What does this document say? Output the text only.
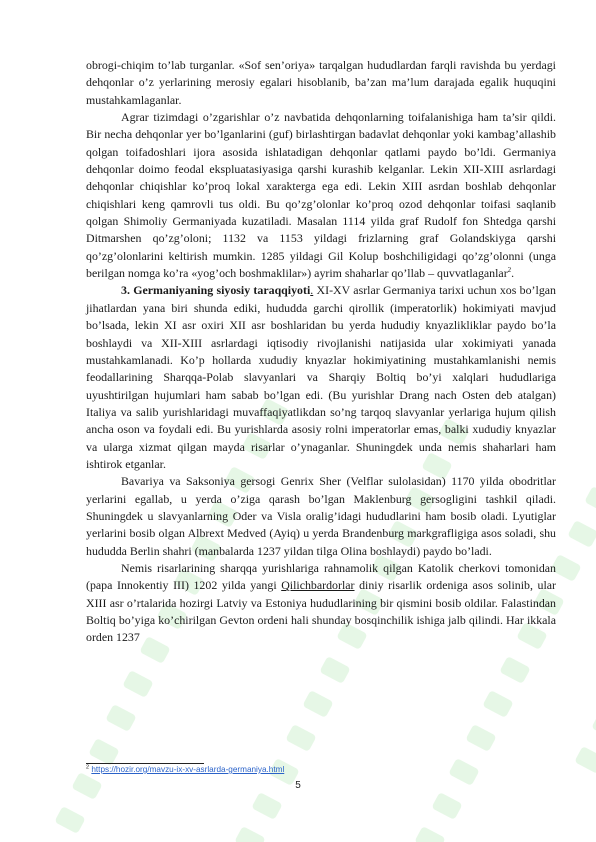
obrogi-chiqim to’lab turganlar. «Sof sen’oriya» tarqalgan hududlardan farqli ravishda bu yerdagi dehqonlar o’z yerlarining merosiy egalari hisoblanib, ba’zan ma’lum darajada egalik huquqini mustahkamlaganlar.

Agrar tizimdagi o’zgarishlar o’z navbatida dehqonlarning toifalanishiga ham ta’sir qildi. Bir necha dehqonlar yer bo’lganlarini (guf) birlashtirgan badavlat dehqonlar yoki kambag’allashib qolgan toifadoshlari ijora asosida ishlatadigan dehqonlar qatlami paydo bo’ldi. Germaniya dehqonlar doimo feodal ekspluatasiyasiga qarshi kurashib kelganlar. Lekin XII-XIII asrlardagi dehqonlar chiqishlar ko’proq lokal xarakterga ega edi. Lekin XIII asrdan boshlab dehqonlar chiqishlari keng qamrovli tus oldi. Bu qo’zg’olonlar ko’proq ozod dehqonlar toifasi saqlanib qolgan Shimoliy Germaniyada kuzatiladi. Masalan 1114 yilda graf Rudolf fon Shtedga qarshi Ditmarshen qo’zg’oloni; 1132 va 1153 yildagi frizlarning graf Golandskiyga qarshi qo’zg’olonlarini keltirish mumkin. 1285 yildagi Gil Kolup boshchiligidagi qo’zg’olonni (unga berilgan nomga ko’ra «yog’och boshmaklilar») ayrim shaharlar qo’llab – quvvatlaganlar$^2$.

3. Germaniyaning siyosiy taraqqiyoti. XI-XV asrlar Germaniya tarixi uchun xos bo’lgan jihatlardan yana biri shunda ediki, hududda garchi qirollik (imperatorlik) hokimiyati mavjud bo’lsada, lekin XI asr oxiri XII asr boshlaridan bu yerda hududiy knyazlikliklar paydo bo’la boshlaydi va XII-XIII asrlardagi iqtisodiy rivojlanishi natijasida ular xokimiyati yanada mustahkamlanadi. Ko’p hollarda xududiy knyazlar hokimiyatining mustahkamlanishi nemis feodallarining Sharqqa-Polab slavyanlari va Sharqiy Boltiq bo’yi xalqlari hududlariga uyushtirilgan hujumlari ham sabab bo’lgan edi. (Bu yurishlar Drang nach Osten deb atalgan) Italiya va salib yurishlaridagi muvaffaqiyatlikdan so’ng tarqoq slavyanlar yerlariga hujum qilish ancha oson va foydali edi. Bu yurishlarda asosiy rolni imperatorlar emas, balki xududiy knyazlar va ularga xizmat qilgan mayda risarlar o’ynaganlar. Shuningdek unda nemis shaharlari ham ishtirok etganlar.

Bavariya va Saksoniya gersogi Genrix Sher (Velflar sulolasidan) 1170 yilda obodritlar yerlarini egallab, u yerda o’ziga qarash bo’lgan Maklenburg gersogligini tashkil qiladi. Shuningdek u slavyanlarning Oder va Visla oralig’idagi hududlarini ham bosib oladi. Lyutiglar yerlarini bosib olgan Albrext Medved (Ayiq) u yerda Brandenburg markgrafligiga asos soladi, shu hududda Berlin shahri (manbalarda 1237 yildan tilga Olina boshlaydi) paydo bo’ladi.

Nemis risarlarining sharqqa yurishlariga rahnamolik qilgan Katolik cherkovi tomonidan (papa Innokentiy III) 1202 yilda yangi Qilichbardorlar diniy risarlik ordeniga asos solinib, ular XIII asr o’rtalarida hozirgi Latviy va Estoniya hududlarining bir qismini bosib oldilar. Falastindan Boltiq bo’yiga ko’chirilgan Gevton ordeni hali shunday bosqinchilik ishiga jalb qilindi. Har ikkala orden 1237

$^2$ https://hozir.org/mavzu-ix-xv-asrlarda-germaniya.html
5
